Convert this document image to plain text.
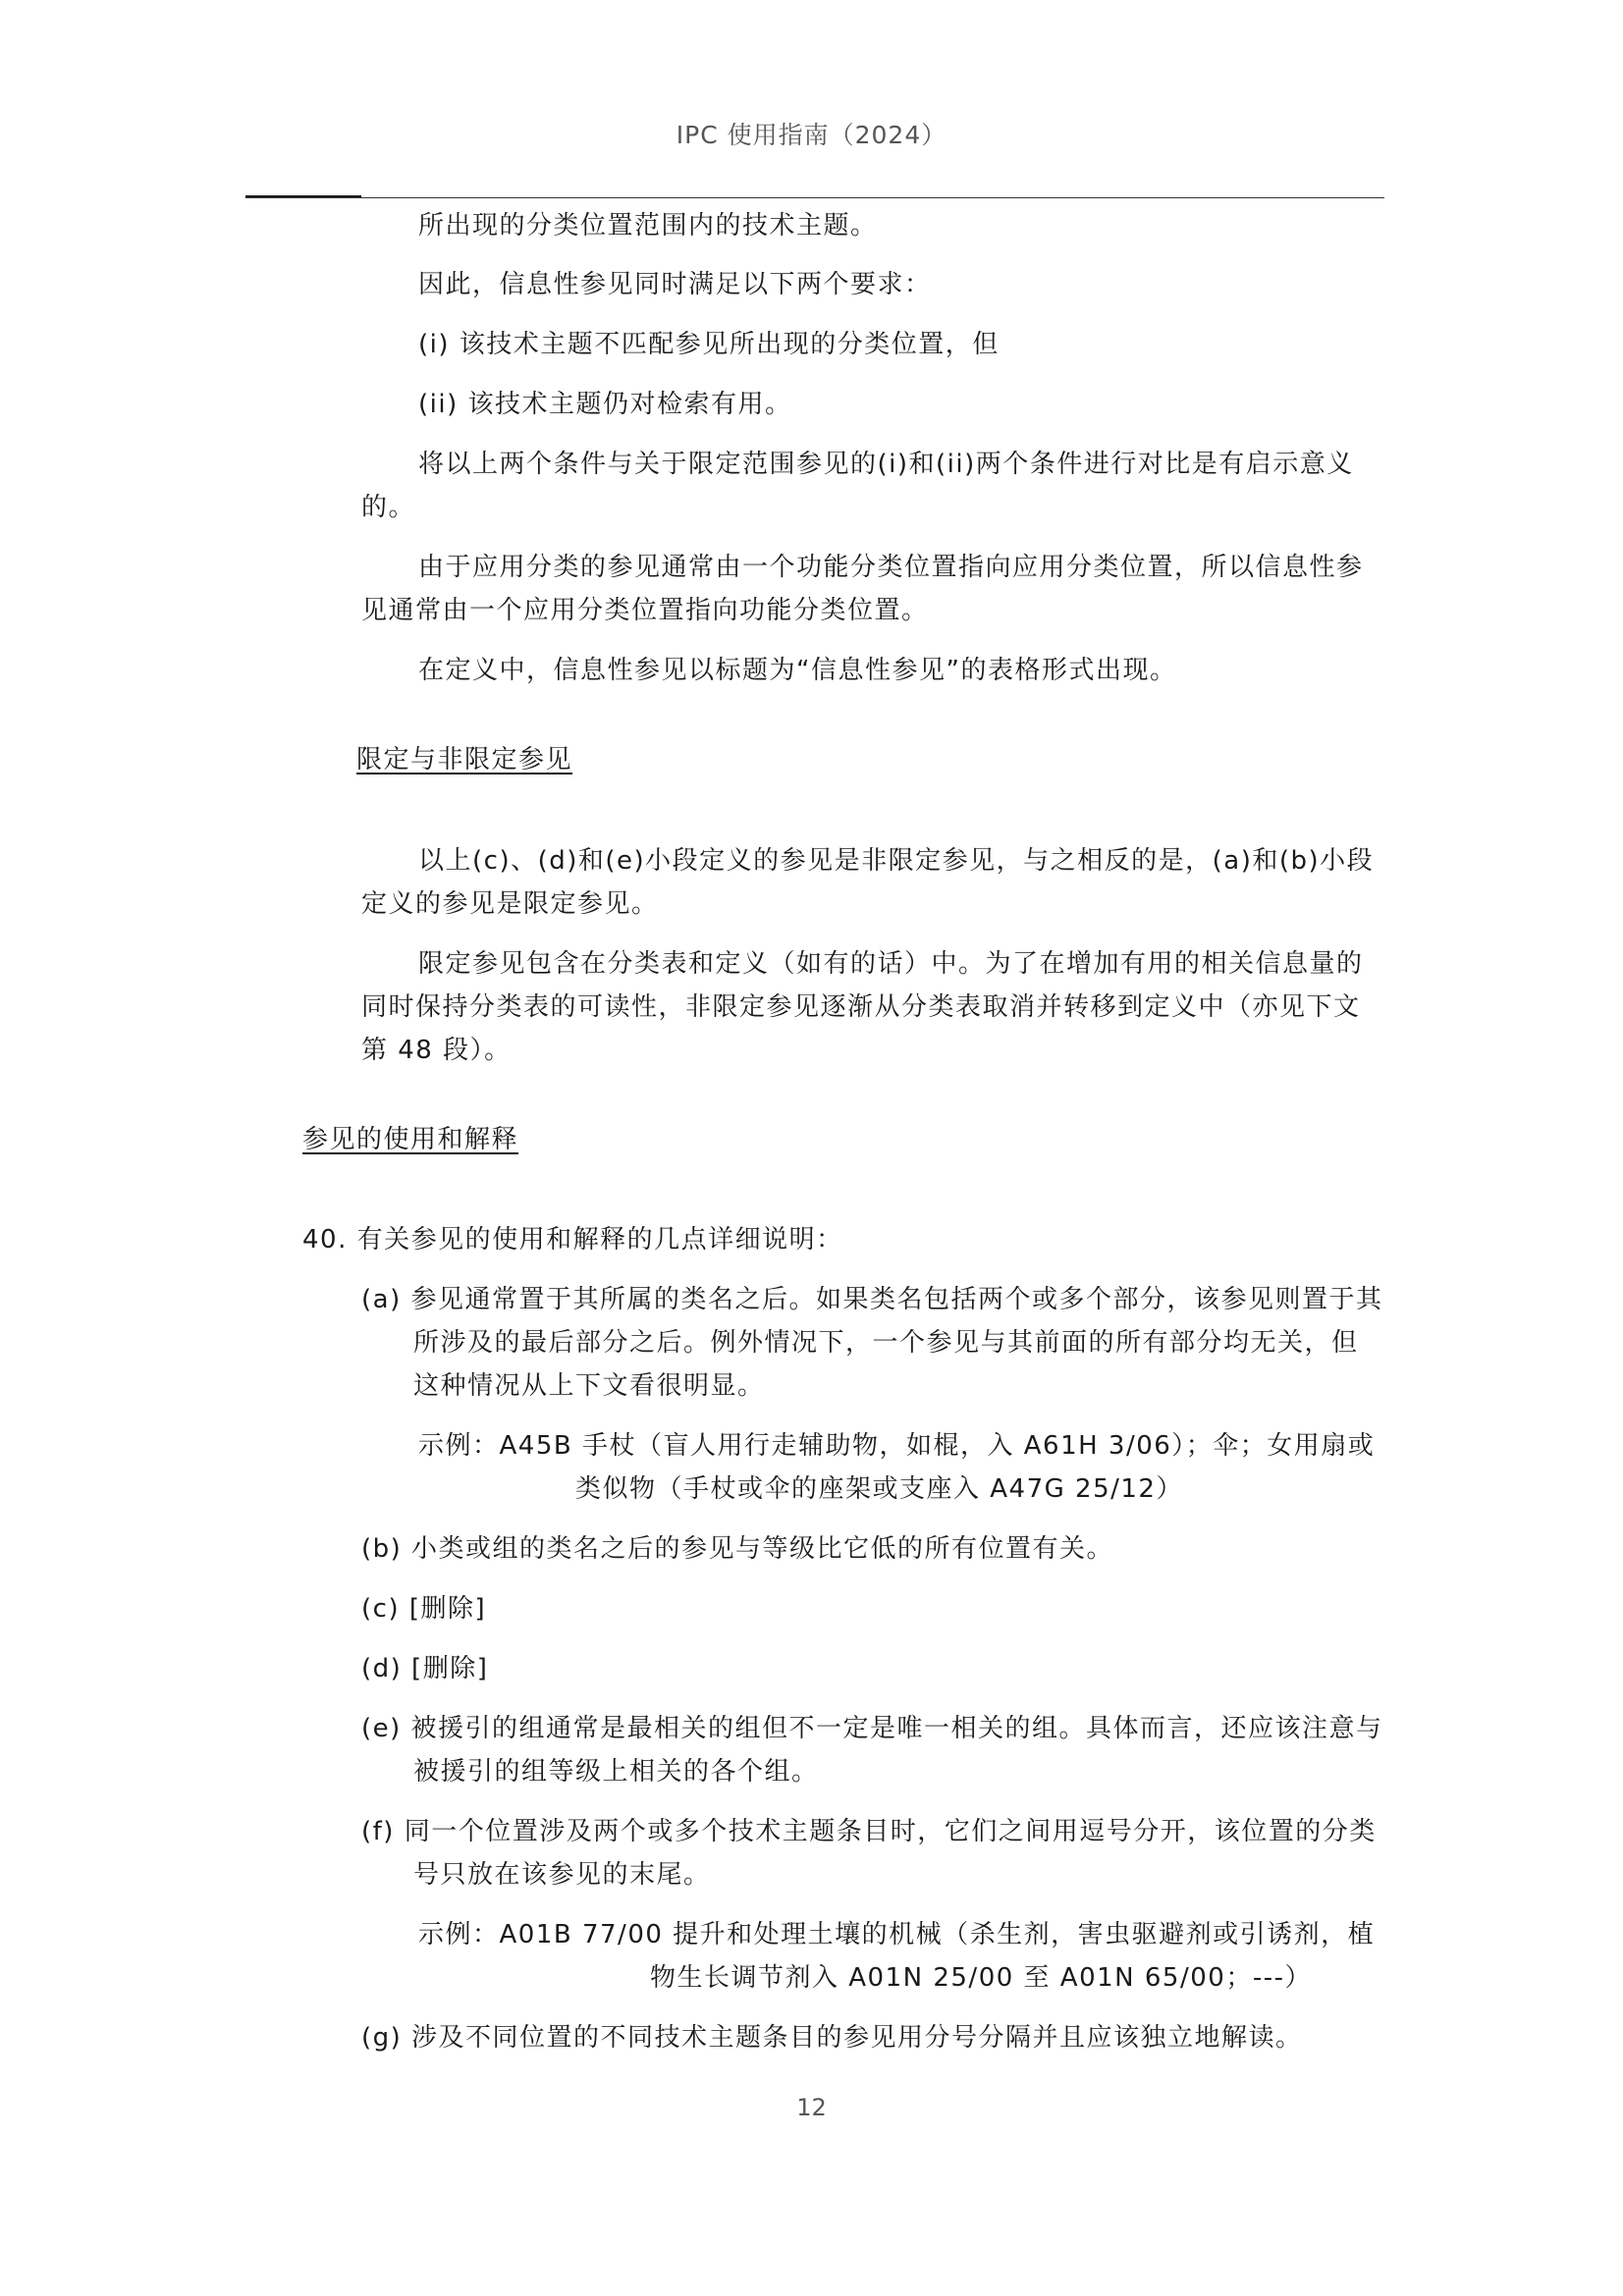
IPC 使用指南（2024）
所出现的分类位置范围内的技术主题。
因此，信息性参见同时满足以下两个要求：
(i) 该技术主题不匹配参见所出现的分类位置，但
(ii) 该技术主题仍对检索有用。
将以上两个条件与关于限定范围参见的(i)和(ii)两个条件进行对比是有启示意义
的。
由于应用分类的参见通常由一个功能分类位置指向应用分类位置，所以信息性参
见通常由一个应用分类位置指向功能分类位置。
在定义中，信息性参见以标题为“信息性参见”的表格形式出现。
限定与非限定参见
以上(c)、(d)和(e)小段定义的参见是非限定参见，与之相反的是，(a)和(b)小段
定义的参见是限定参见。
限定参见包含在分类表和定义（如有的话）中。为了在增加有用的相关信息量的
同时保持分类表的可读性，非限定参见逐渐从分类表取消并转移到定义中（亦见下文
第 48 段）。
参见的使用和解释
40. 有关参见的使用和解释的几点详细说明：
(a) 参见通常置于其所属的类名之后。如果类名包括两个或多个部分，该参见则置于其
所涉及的最后部分之后。例外情况下，一个参见与其前面的所有部分均无关，但
这种情况从上下文看很明显。
示例：A45B 手杖（盲人用行走辅助物，如棍，入 A61H 3/06）；伞；女用扇或
类似物（手杖或伞的座架或支座入 A47G 25/12）
(b) 小类或组的类名之后的参见与等级比它低的所有位置有关。
(c) [删除]
(d) [删除]
(e) 被援引的组通常是最相关的组但不一定是唯一相关的组。具体而言，还应该注意与
被援引的组等级上相关的各个组。
(f) 同一个位置涉及两个或多个技术主题条目时，它们之间用逗号分开，该位置的分类
号只放在该参见的末尾。
示例：A01B 77/00 提升和处理土壤的机械（杀生剂，害虫驱避剂或引诱剂，植
物生长调节剂入 A01N 25/00 至 A01N 65/00；---）
(g) 涉及不同位置的不同技术主题条目的参见用分号分隔并且应该独立地解读。
12
